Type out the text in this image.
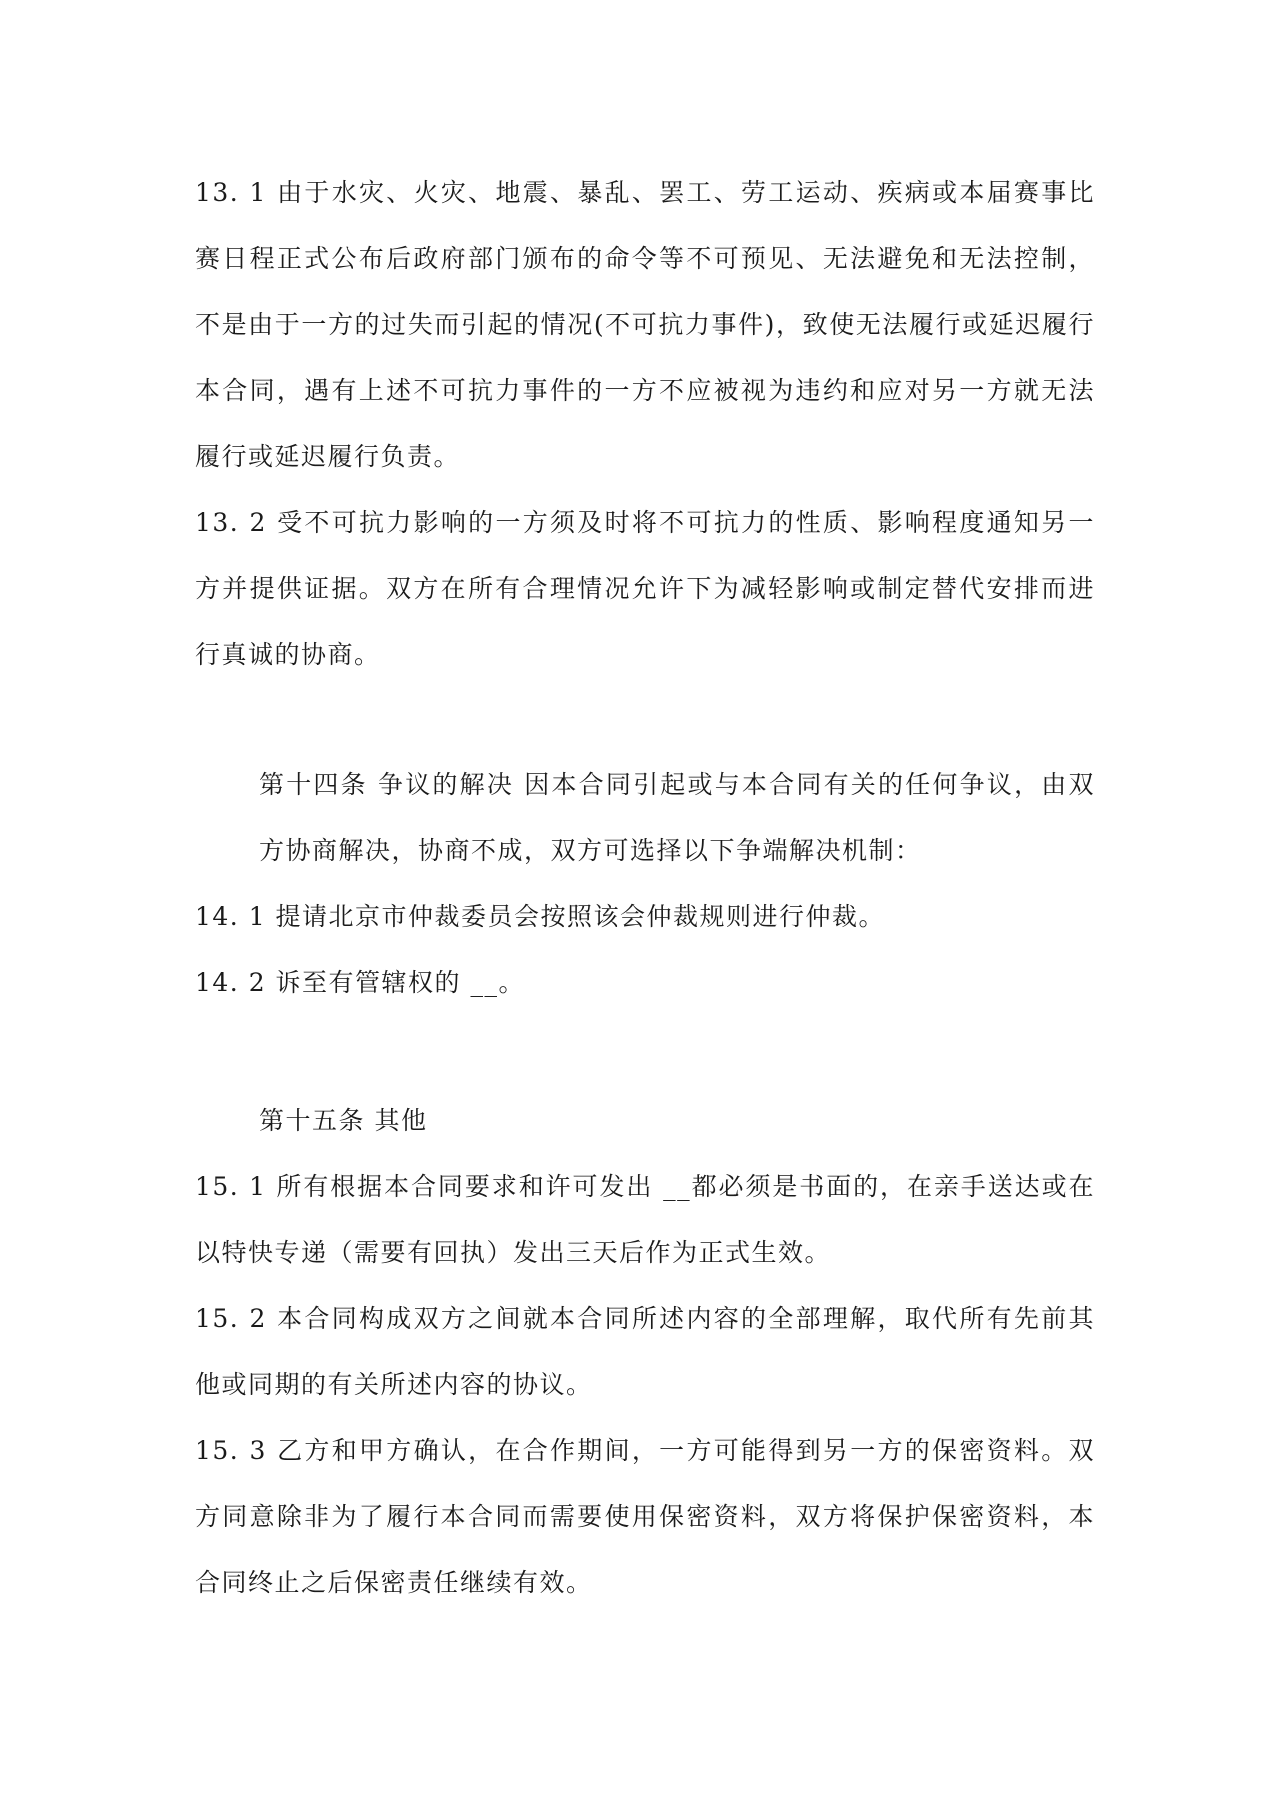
13. 1 由于水灾、火灾、地震、暴乱、罢工、劳工运动、疾病或本届赛事比赛日程正式公布后政府部门颁布的命令等不可预见、无法避免和无法控制，不是由于一方的过失而引起的情况(不可抗力事件)，致使无法履行或延迟履行本合同，遇有上述不可抗力事件的一方不应被视为违约和应对另一方就无法履行或延迟履行负责。

13. 2 受不可抗力影响的一方须及时将不可抗力的性质、影响程度通知另一方并提供证据。双方在所有合理情况允许下为减轻影响或制定替代安排而进行真诚的协商。

第十四条 争议的解决 因本合同引起或与本合同有关的任何争议，由双方协商解决，协商不成，双方可选择以下争端解决机制：

14. 1 提请北京市仲裁委员会按照该会仲裁规则进行仲裁。

14. 2 诉至有管辖权的 __。

第十五条 其他

15. 1 所有根据本合同要求和许可发出 __都必须是书面的，在亲手送达或在以特快专递（需要有回执）发出三天后作为正式生效。

15. 2 本合同构成双方之间就本合同所述内容的全部理解，取代所有先前其他或同期的有关所述内容的协议。

15. 3 乙方和甲方确认，在合作期间，一方可能得到另一方的保密资料。双方同意除非为了履行本合同而需要使用保密资料，双方将保护保密资料，本合同终止之后保密责任继续有效。
